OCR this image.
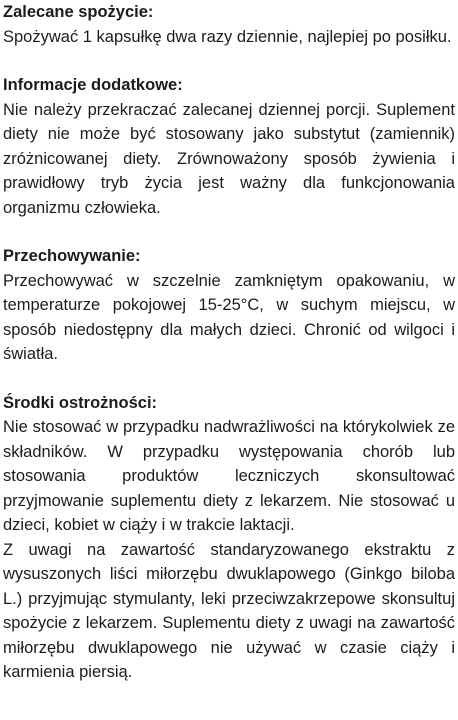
Zalecane spożycie:

Spożywać 1 kapsułkę dwa razy dziennie, najlepiej po posiłku.

Informacje dodatkowe:

Nie należy przekraczać zalecanej dziennej porcji. Suplement diety nie może być stosowany jako substytut (zamiennik) zróżnicowanej diety. Zrównoważony sposób żywienia i prawidłowy tryb życia jest ważny dla funkcjonowania organizmu człowieka.

Przechowywanie:

Przechowywać w szczelnie zamkniętym opakowaniu, w temperaturze pokojowej 15-25°C, w suchym miejscu, w sposób niedostępny dla małych dzieci. Chronić od wilgoci i światła.

Środki ostrożności:

Nie stosować w przypadku nadwrażliwości na którykolwiek ze składników. W przypadku występowania chorób lub stosowania produktów leczniczych skonsultować przyjmowanie suplementu diety z lekarzem. Nie stosować u dzieci, kobiet w ciąży i w trakcie laktacji.

Z uwagi na zawartość standaryzowanego ekstraktu z wysuszonych liści miłorzębu dwuklapowego (Ginkgo biloba L.) przyjmując stymulanty, leki przeciwzakrzepowe skonsultuj spożycie z lekarzem. Suplementu diety z uwagi na zawartość miłorzębu dwuklapowego nie używać w czasie ciąży i karmienia piersią.
